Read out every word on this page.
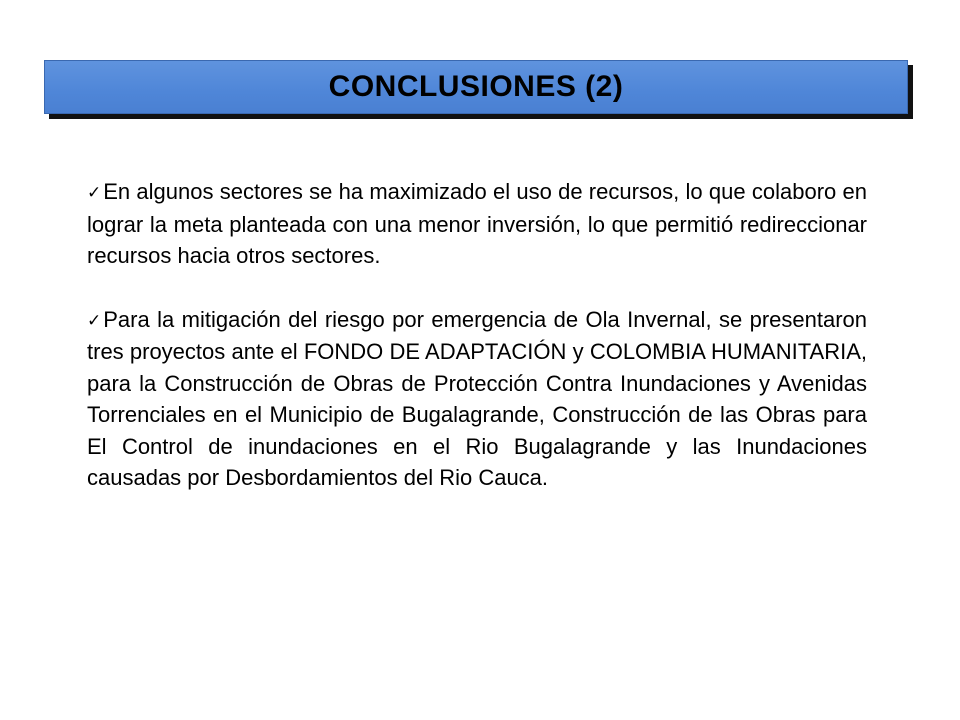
CONCLUSIONES (2)

✓En algunos sectores se ha maximizado el uso de recursos, lo que colaboro en lograr la meta planteada con una menor inversión, lo que permitió redireccionar recursos hacia otros sectores.

✓Para la mitigación del riesgo por emergencia de Ola Invernal, se presentaron tres proyectos ante el FONDO DE ADAPTACIÓN y COLOMBIA HUMANITARIA, para la Construcción de Obras de Protección Contra Inundaciones y Avenidas Torrenciales en el Municipio de Bugalagrande, Construcción de las Obras para El Control de inundaciones en el Rio Bugalagrande y las Inundaciones causadas por Desbordamientos del Rio Cauca.
